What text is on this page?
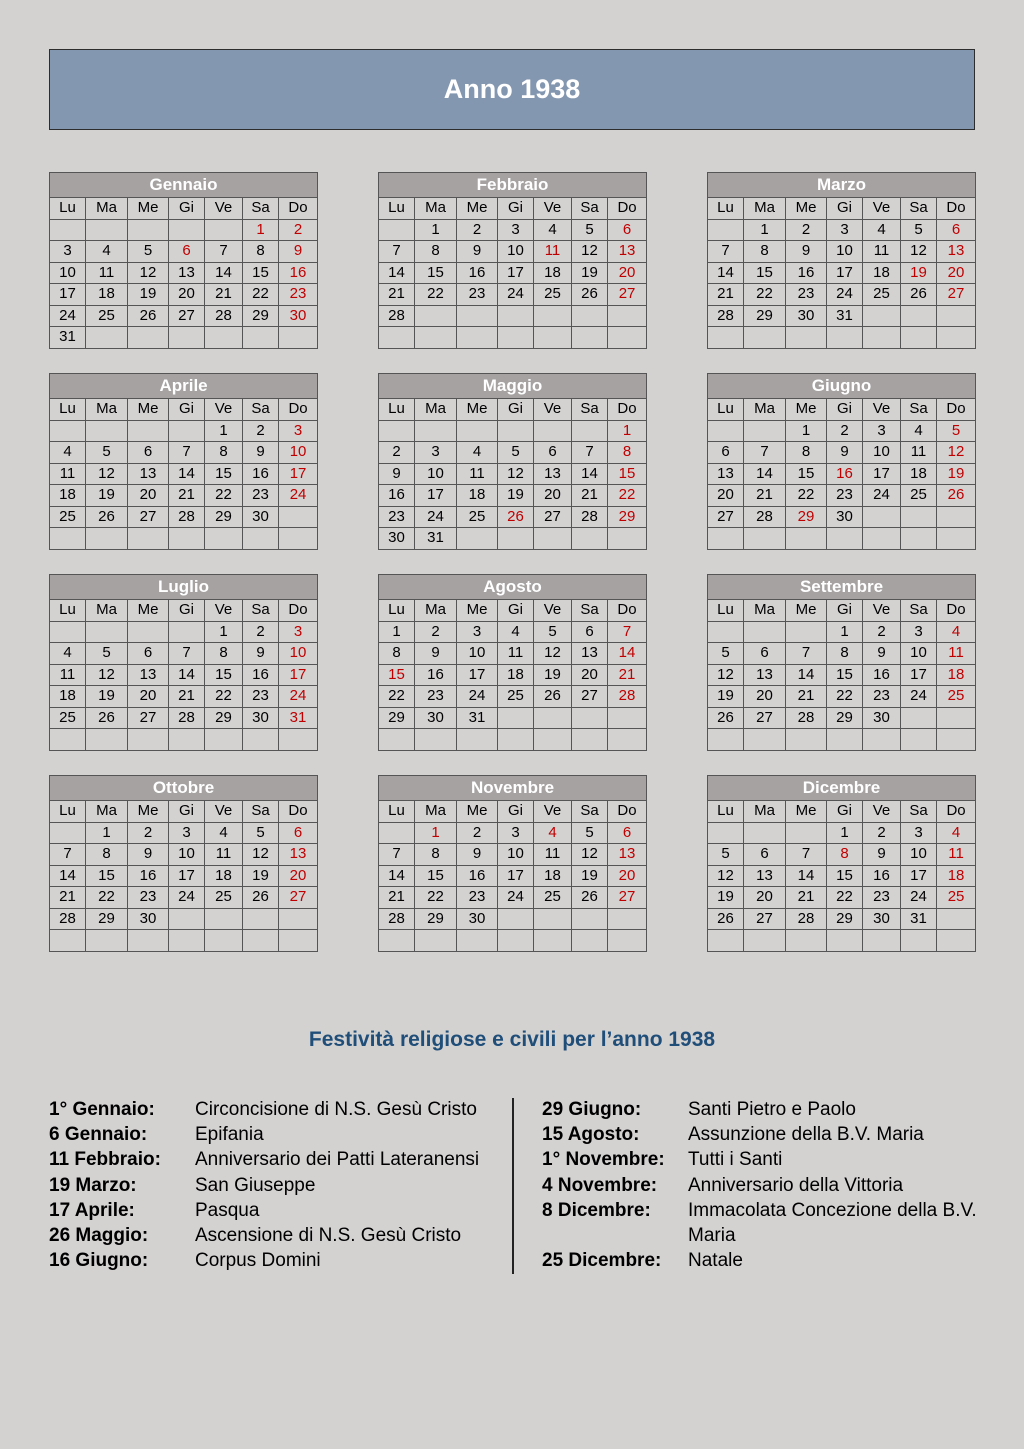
Anno 1938
Gennaio						
Lu	Ma	Me	Gi	Ve	Sa	Do
					1	2
3	4	5	6	7	8	9
10	11	12	13	14	15	16
17	18	19	20	21	22	23
24	25	26	27	28	29	30
31						
Febbraio						
Lu	Ma	Me	Gi	Ve	Sa	Do
	1	2	3	4	5	6
7	8	9	10	11	12	13
14	15	16	17	18	19	20
21	22	23	24	25	26	27
28						

Marzo						
Lu	Ma	Me	Gi	Ve	Sa	Do
	1	2	3	4	5	6
7	8	9	10	11	12	13
14	15	16	17	18	19	20
21	22	23	24	25	26	27
28	29	30	31			

Aprile						
Lu	Ma	Me	Gi	Ve	Sa	Do
				1	2	3
4	5	6	7	8	9	10
11	12	13	14	15	16	17
18	19	20	21	22	23	24
25	26	27	28	29	30	

Maggio						
Lu	Ma	Me	Gi	Ve	Sa	Do
						1
2	3	4	5	6	7	8
9	10	11	12	13	14	15
16	17	18	19	20	21	22
23	24	25	26	27	28	29
30	31					
Giugno						
Lu	Ma	Me	Gi	Ve	Sa	Do
		1	2	3	4	5
6	7	8	9	10	11	12
13	14	15	16	17	18	19
20	21	22	23	24	25	26
27	28	29	30			

Luglio						
Lu	Ma	Me	Gi	Ve	Sa	Do
				1	2	3
4	5	6	7	8	9	10
11	12	13	14	15	16	17
18	19	20	21	22	23	24
25	26	27	28	29	30	31

Agosto						
Lu	Ma	Me	Gi	Ve	Sa	Do
1	2	3	4	5	6	7
8	9	10	11	12	13	14
15	16	17	18	19	20	21
22	23	24	25	26	27	28
29	30	31				

Settembre						
Lu	Ma	Me	Gi	Ve	Sa	Do
			1	2	3	4
5	6	7	8	9	10	11
12	13	14	15	16	17	18
19	20	21	22	23	24	25
26	27	28	29	30		

Ottobre						
Lu	Ma	Me	Gi	Ve	Sa	Do
	1	2	3	4	5	6
7	8	9	10	11	12	13
14	15	16	17	18	19	20
21	22	23	24	25	26	27
28	29	30				

Novembre						
Lu	Ma	Me	Gi	Ve	Sa	Do
	1	2	3	4	5	6
7	8	9	10	11	12	13
14	15	16	17	18	19	20
21	22	23	24	25	26	27
28	29	30				

Dicembre						
Lu	Ma	Me	Gi	Ve	Sa	Do
			1	2	3	4
5	6	7	8	9	10	11
12	13	14	15	16	17	18
19	20	21	22	23	24	25
26	27	28	29	30	31	

Festività religiose e civili per l’anno 1938
1° Gennaio:	Circoncisione di N.S. Gesù Cristo
6 Gennaio:	Epifania
11 Febbraio:	Anniversario dei Patti Lateranensi
19 Marzo:	San Giuseppe
17 Aprile:	Pasqua
26 Maggio:	Ascensione di N.S. Gesù Cristo
16 Giugno:	Corpus Domini
29 Giugno:	Santi Pietro e Paolo
15 Agosto:	Assunzione della B.V. Maria
1° Novembre:	Tutti i Santi
4 Novembre:	Anniversario della Vittoria
8 Dicembre:	Immacolata Concezione della B.V. Maria
25 Dicembre:	Natale
